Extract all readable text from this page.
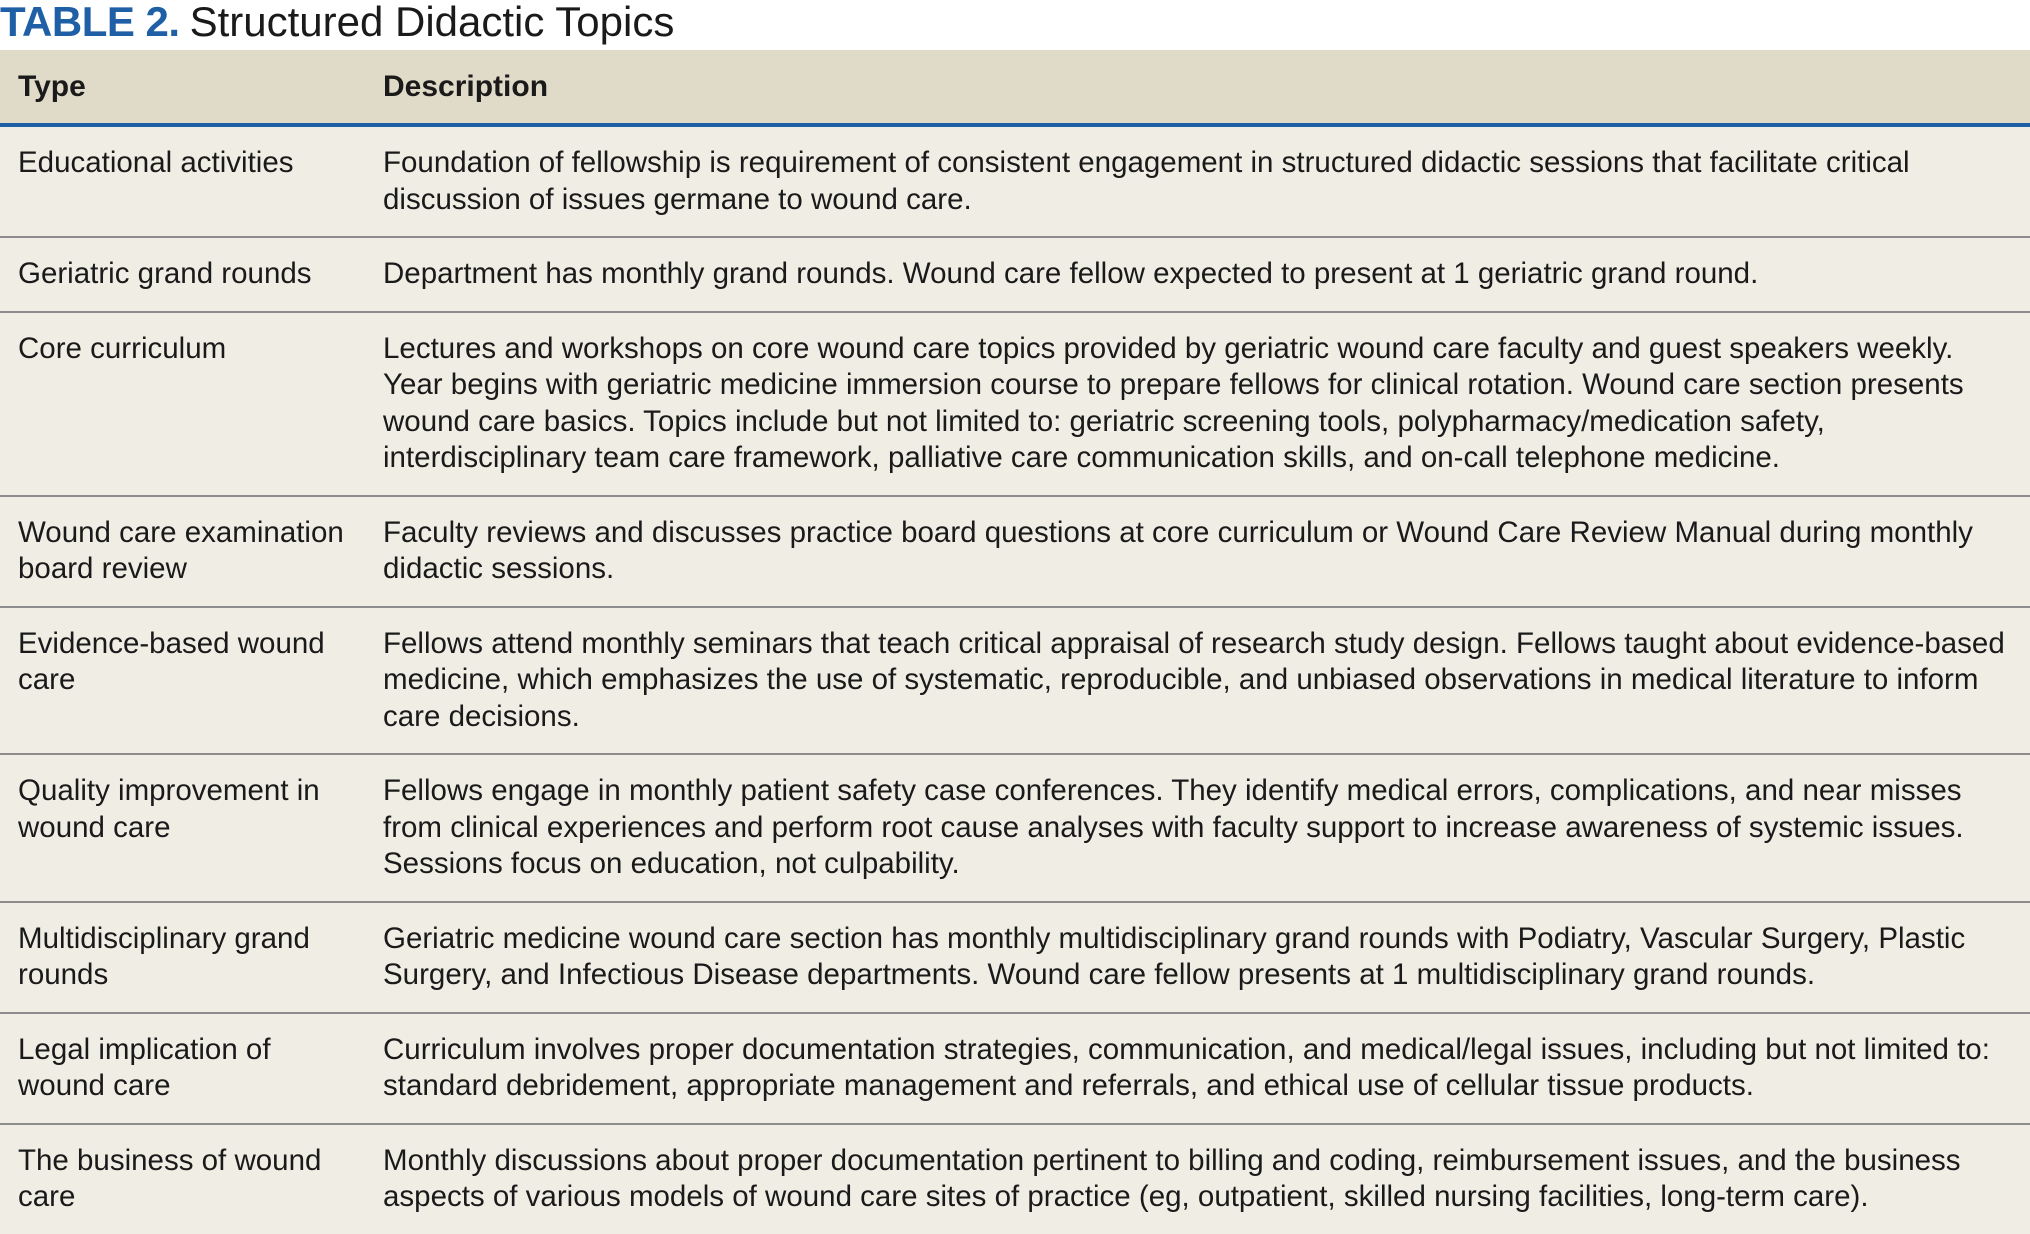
TABLE 2. Structured Didactic Topics
Type	Description
Educational activities	Foundation of fellowship is requirement of consistent engagement in structured didactic sessions that facilitate critical discussion of issues germane to wound care.
Geriatric grand rounds	Department has monthly grand rounds. Wound care fellow expected to present at 1 geriatric grand round.
Core curriculum	Lectures and workshops on core wound care topics provided by geriatric wound care faculty and guest speakers weekly. Year begins with geriatric medicine immersion course to prepare fellows for clinical rotation. Wound care section presents wound care basics. Topics include but not limited to: geriatric screening tools, polypharmacy/medication safety, interdisciplinary team care framework, palliative care communication skills, and on-call telephone medicine.
Wound care examination board review	Faculty reviews and discusses practice board questions at core curriculum or Wound Care Review Manual during monthly didactic sessions.
Evidence-based wound care	Fellows attend monthly seminars that teach critical appraisal of research study design. Fellows taught about evidence-based medicine, which emphasizes the use of systematic, reproducible, and unbiased observations in medical literature to inform care decisions.
Quality improvement in wound care	Fellows engage in monthly patient safety case conferences. They identify medical errors, complications, and near misses from clinical experiences and perform root cause analyses with faculty support to increase awareness of systemic issues. Sessions focus on education, not culpability.
Multidisciplinary grand rounds	Geriatric medicine wound care section has monthly multidisciplinary grand rounds with Podiatry, Vascular Surgery, Plastic Surgery, and Infectious Disease departments. Wound care fellow presents at 1 multidisciplinary grand rounds.
Legal implication of wound care	Curriculum involves proper documentation strategies, communication, and medical/legal issues, including but not limited to: standard debridement, appropriate management and referrals, and ethical use of cellular tissue products.
The business of wound care	Monthly discussions about proper documentation pertinent to billing and coding, reimbursement issues, and the business aspects of various models of wound care sites of practice (eg, outpatient, skilled nursing facilities, long-term care).
